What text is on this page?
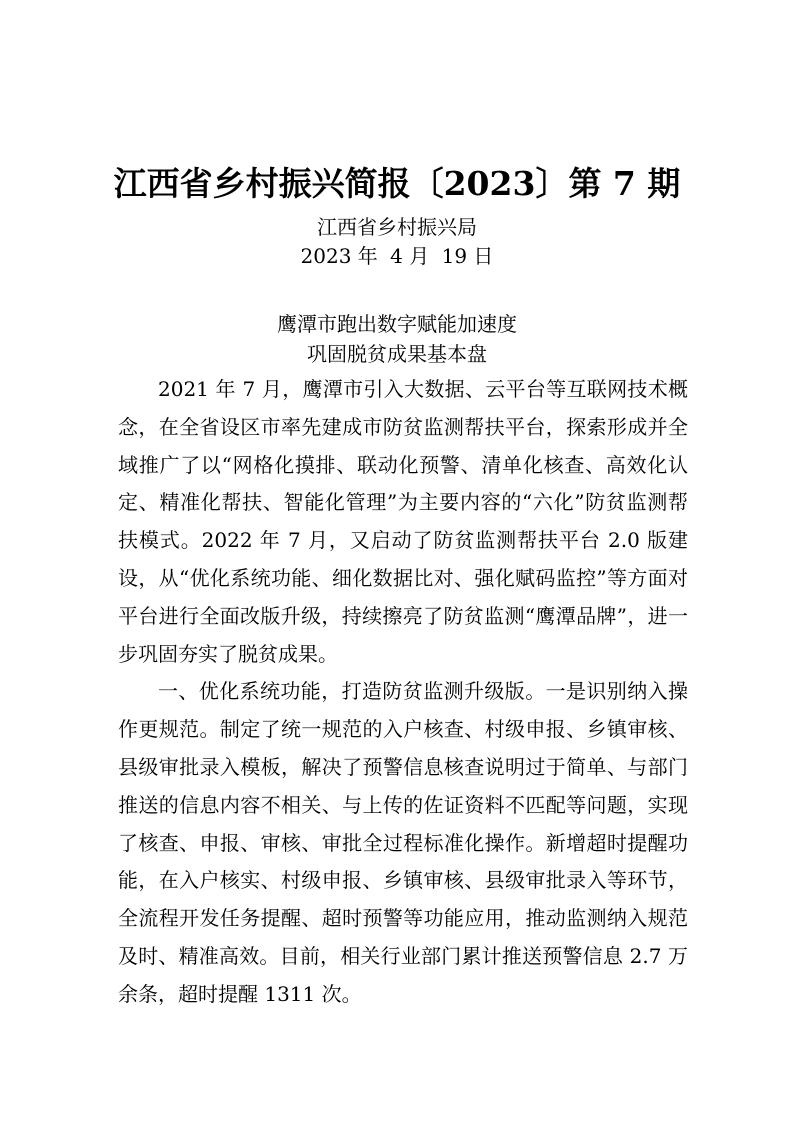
江西省乡村振兴简报〔2023〕第 7 期
江西省乡村振兴局
2023 年 4 月 19 日
鹰潭市跑出数字赋能加速度
巩固脱贫成果基本盘

2021 年 7 月，鹰潭市引入大数据、云平台等互联网技术概念，在全省设区市率先建成市防贫监测帮扶平台，探索形成并全域推广了以“网格化摸排、联动化预警、清单化核查、高效化认定、精准化帮扶、智能化管理”为主要内容的“六化”防贫监测帮扶模式。2022 年 7 月，又启动了防贫监测帮扶平台 2.0 版建设，从“优化系统功能、细化数据比对、强化赋码监控”等方面对平台进行全面改版升级，持续擦亮了防贫监测“鹰潭品牌”，进一步巩固夯实了脱贫成果。

一、优化系统功能，打造防贫监测升级版。一是识别纳入操作更规范。制定了统一规范的入户核查、村级申报、乡镇审核、县级审批录入模板，解决了预警信息核查说明过于简单、与部门推送的信息内容不相关、与上传的佐证资料不匹配等问题，实现了核查、申报、审核、审批全过程标准化操作。新增超时提醒功能，在入户核实、村级申报、乡镇审核、县级审批录入等环节，全流程开发任务提醒、超时预警等功能应用，推动监测纳入规范及时、精准高效。目前，相关行业部门累计推送预警信息 2.7 万余条，超时提醒 1311 次。
